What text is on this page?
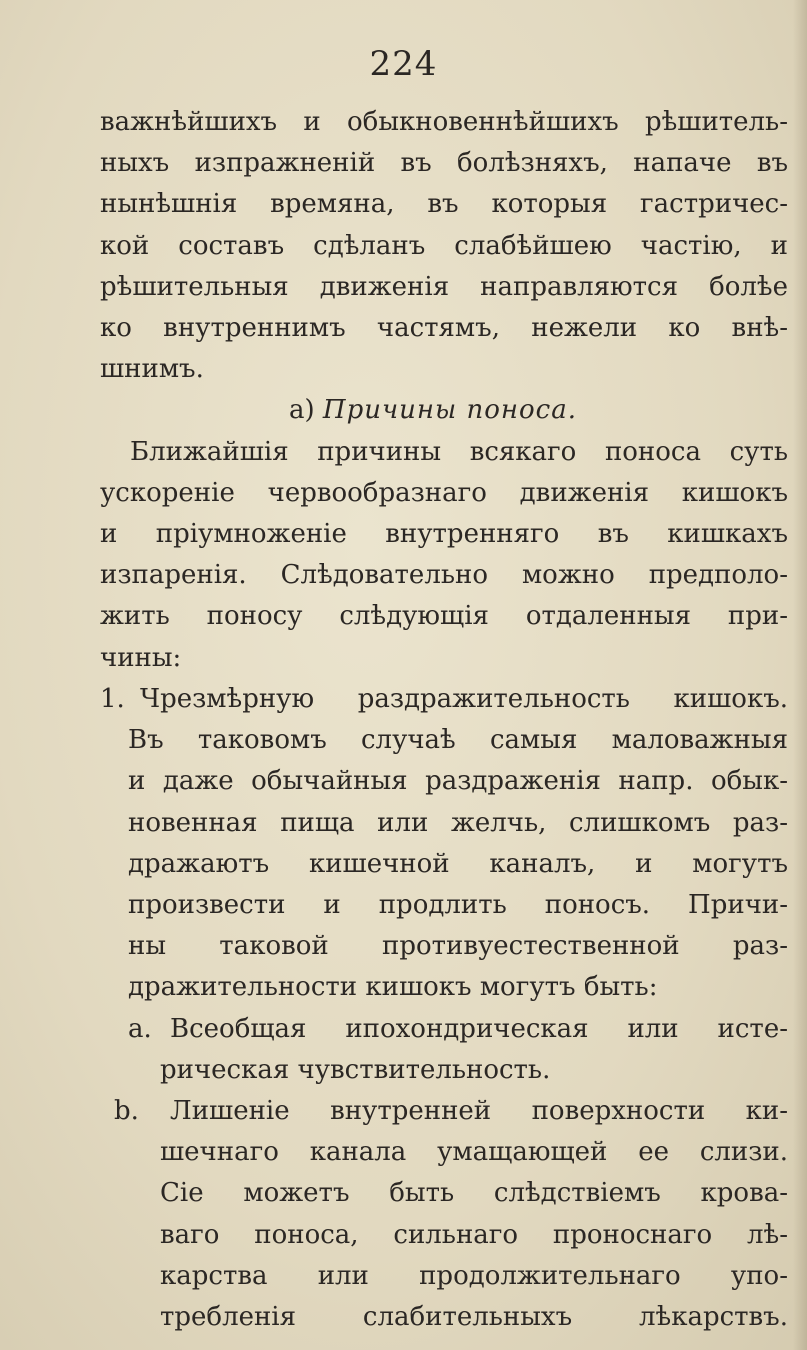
224
важнѣйшихъ и обыкновеннѣйшихъ рѣшитель-
ныхъ изпражненій въ болѣзняхъ, напаче въ
нынѣшнія времяна, въ которыя гастричес-
кой составъ сдѣланъ слабѣйшею частію, и
рѣшительныя движенія направляются болѣе
ко внутреннимъ частямъ, нежели ко внѣ-
шнимъ.
a) Причины поноса.
Ближайшія причины всякаго поноса суть
ускореніе червообразнаго движенія кишокъ
и пріумноженіе внутренняго въ кишкахъ
изпаренія. Слѣдовательно можно предполо-
жить поносу слѣдующія отдаленныя при-
чины:
1. Чрезмѣрную раздражительность кишокъ.
Въ таковомъ случаѣ самыя маловажныя
и даже обычайныя раздраженія напр. обык-
новенная пища или желчь, слишкомъ раз-
дражаютъ кишечной каналъ, и могутъ
произвести и продлить поносъ. Причи-
ны таковой противуестественной раз-
дражительности кишокъ могутъ быть:
a. Всеобщая ипохондрическая или исте-
рическая чувствительность.
b. Лишеніе внутренней поверхности ки-
шечнаго канала умащающей ее слизи.
Сіе можетъ быть слѣдствіемъ крова-
ваго поноса, сильнаго проноснаго лѣ-
карства или продолжительнаго упо-
требленія слабительныхъ лѣкарствъ.
